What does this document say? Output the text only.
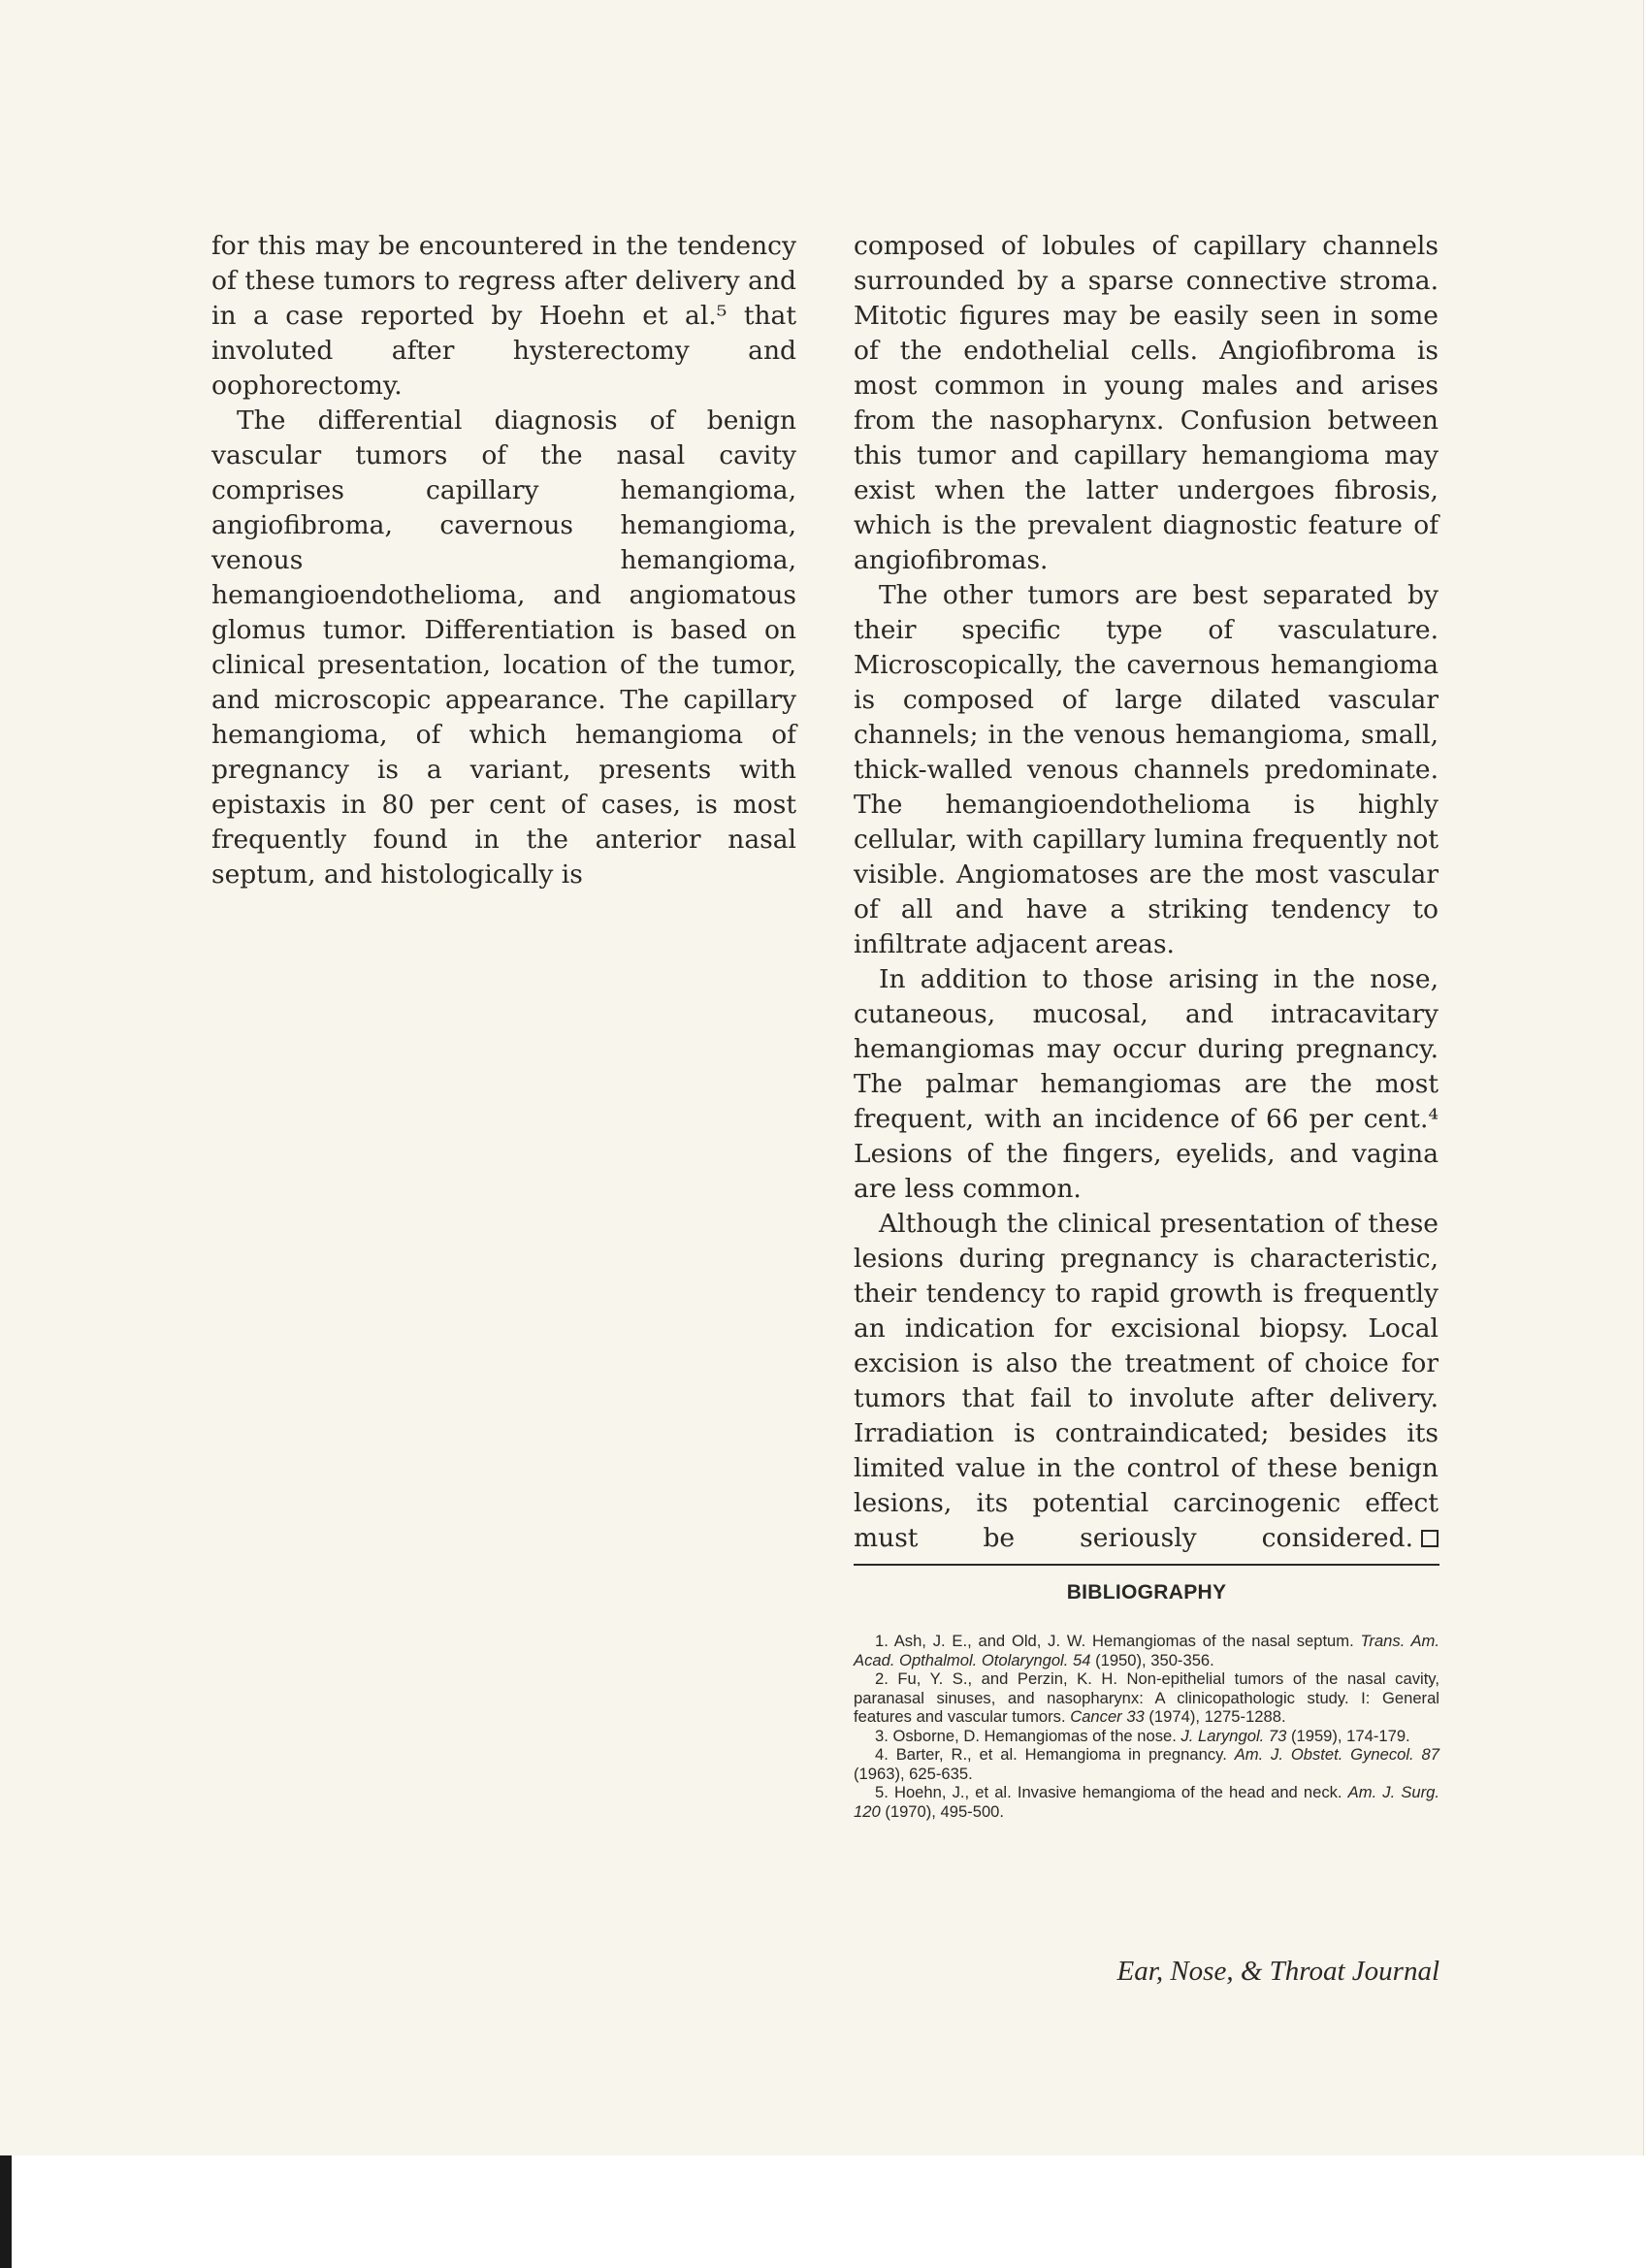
for this may be encountered in the tendency of these tumors to regress after delivery and in a case reported by Hoehn et al.⁵ that involuted after hysterectomy and oophorectomy.

The differential diagnosis of benign vascular tumors of the nasal cavity comprises capillary hemangioma, angiofibroma, cavernous hemangioma, venous hemangioma, hemangioendothelioma, and angiomatous glomus tumor. Differentiation is based on clinical presentation, location of the tumor, and microscopic appearance. The capillary hemangioma, of which hemangioma of pregnancy is a variant, presents with epistaxis in 80 per cent of cases, is most frequently found in the anterior nasal septum, and histologically is

composed of lobules of capillary channels surrounded by a sparse connective stroma. Mitotic figures may be easily seen in some of the endothelial cells. Angiofibroma is most common in young males and arises from the nasopharynx. Confusion between this tumor and capillary hemangioma may exist when the latter undergoes fibrosis, which is the prevalent diagnostic feature of angiofibromas.

The other tumors are best separated by their specific type of vasculature. Microscopically, the cavernous hemangioma is composed of large dilated vascular channels; in the venous hemangioma, small, thick-walled venous channels predominate. The hemangioendothelioma is highly cellular, with capillary lumina frequently not visible. Angiomatoses are the most vascular of all and have a striking tendency to infiltrate adjacent areas.

In addition to those arising in the nose, cutaneous, mucosal, and intracavitary hemangiomas may occur during pregnancy. The palmar hemangiomas are the most frequent, with an incidence of 66 per cent.⁴ Lesions of the fingers, eyelids, and vagina are less common.

Although the clinical presentation of these lesions during pregnancy is characteristic, their tendency to rapid growth is frequently an indication for excisional biopsy. Local excision is also the treatment of choice for tumors that fail to involute after delivery. Irradiation is contraindicated; besides its limited value in the control of these benign lesions, its potential carcinogenic effect must be seriously considered.

BIBLIOGRAPHY

1. Ash, J. E., and Old, J. W. Hemangiomas of the nasal septum. Trans. Am. Acad. Opthalmol. Otolaryngol. 54 (1950), 350-356.

2. Fu, Y. S., and Perzin, K. H. Non-epithelial tumors of the nasal cavity, paranasal sinuses, and nasopharynx: A clinicopathologic study. I: General features and vascular tumors. Cancer 33 (1974), 1275-1288.

3. Osborne, D. Hemangiomas of the nose. J. Laryngol. 73 (1959), 174-179.

4. Barter, R., et al. Hemangioma in pregnancy. Am. J. Obstet. Gynecol. 87 (1963), 625-635.

5. Hoehn, J., et al. Invasive hemangioma of the head and neck. Am. J. Surg. 120 (1970), 495-500.

Ear, Nose, & Throat Journal
